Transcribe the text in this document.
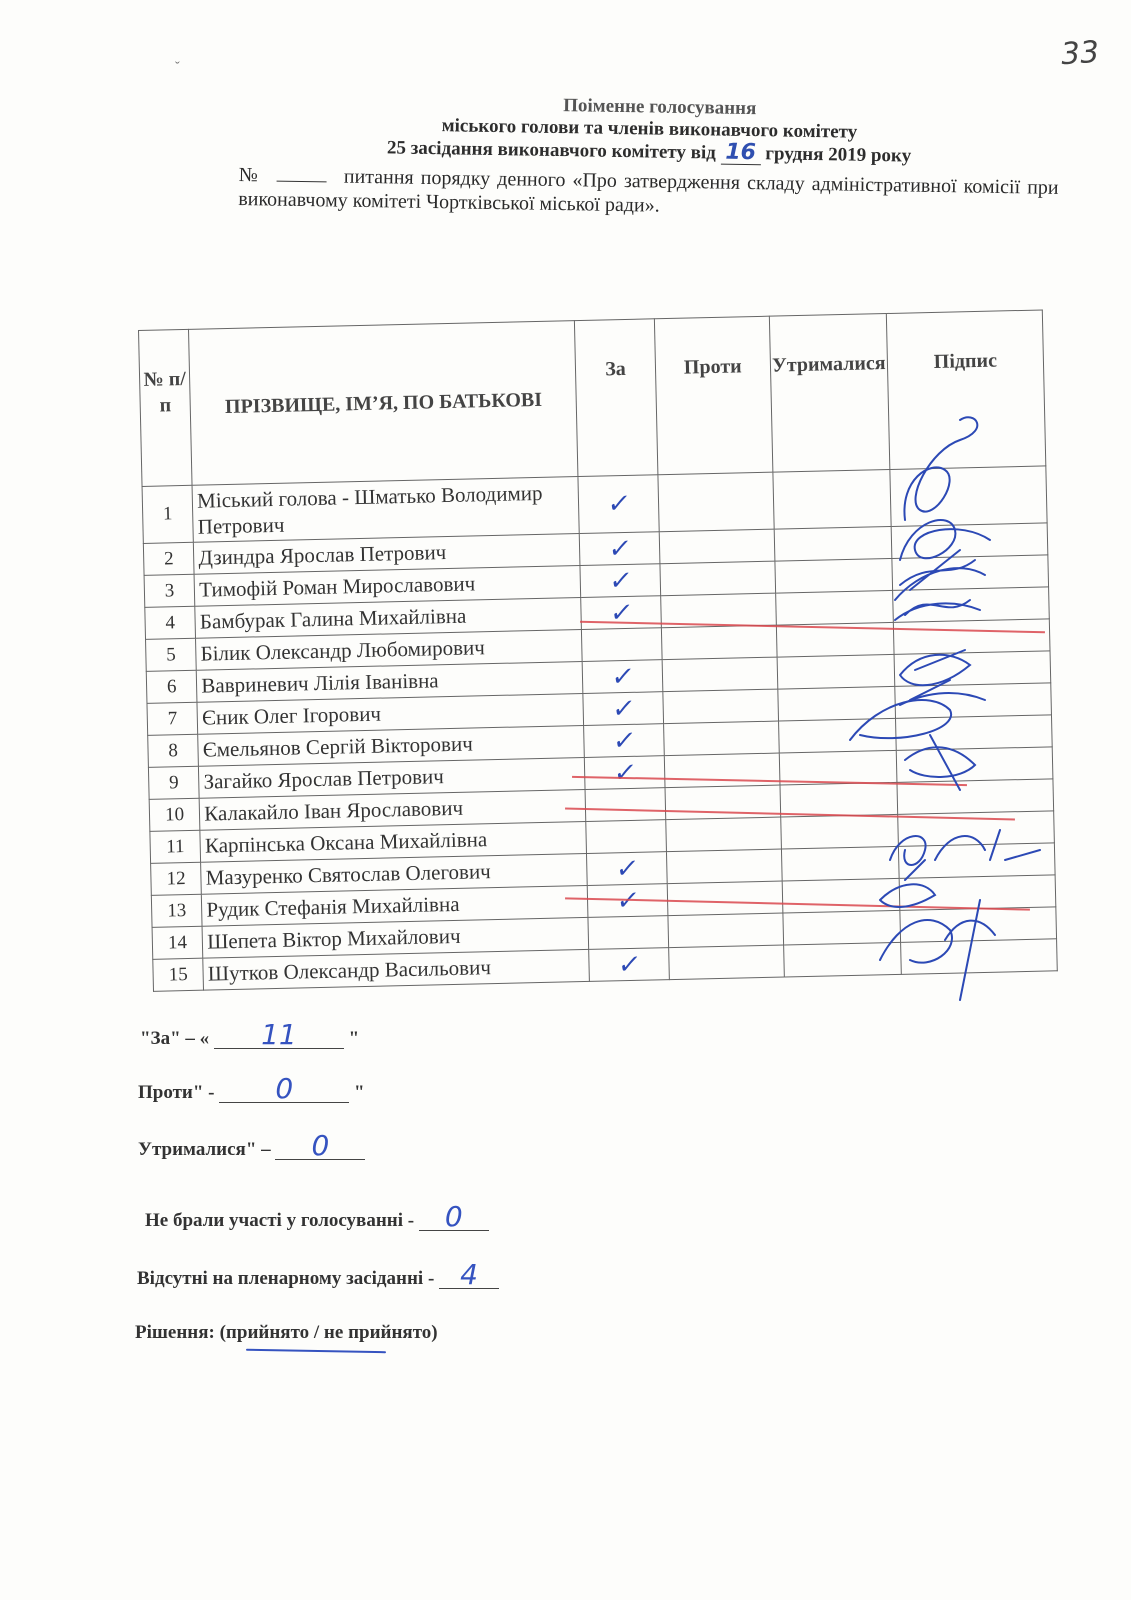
33
ˇ
Поіменне голосування
міського голови та членів виконавчого комітету
25 засідання виконавчого комітету від 16 грудня 2019 року
№	питання порядку денного «Про затвердження складу адміністративної комісії при виконавчому комітеті Чортківської міської ради».
№ п/п	ПРІЗВИЩЕ, ІМ’Я, ПО БАТЬКОВІ	За	Проти	Утрималися	Підпис
1	Міський голова - Шматько Володимир Петрович	✓			
2	Дзиндра Ярослав Петрович	✓			
3	Тимофій Роман Мирославович	✓			
4	Бамбурак Галина Михайлівна	✓			
5	Білик Олександр Любомирович				
6	Вавриневич Лілія Іванівна	✓			
7	Єник Олег Ігорович	✓			
8	Ємельянов Сергій Вікторович	✓			
9	Загайко Ярослав Петрович	✓			
10	Калакайло Іван Ярославович				
11	Карпінська Оксана Михайлівна				
12	Мазуренко Святослав Олегович	✓			
13	Рудик Стефанія Михайлівна	✓			
14	Шепета Віктор Михайлович				
15	Шутков Олександр Васильович	✓			
"За" – « 11	"
Проти" - 0	"
Утрималися" – 0
Не брали участі у голосуванні - 0
Відсутні на пленарному засіданні - 4
Рішення: (прийнято / не прийнято)
